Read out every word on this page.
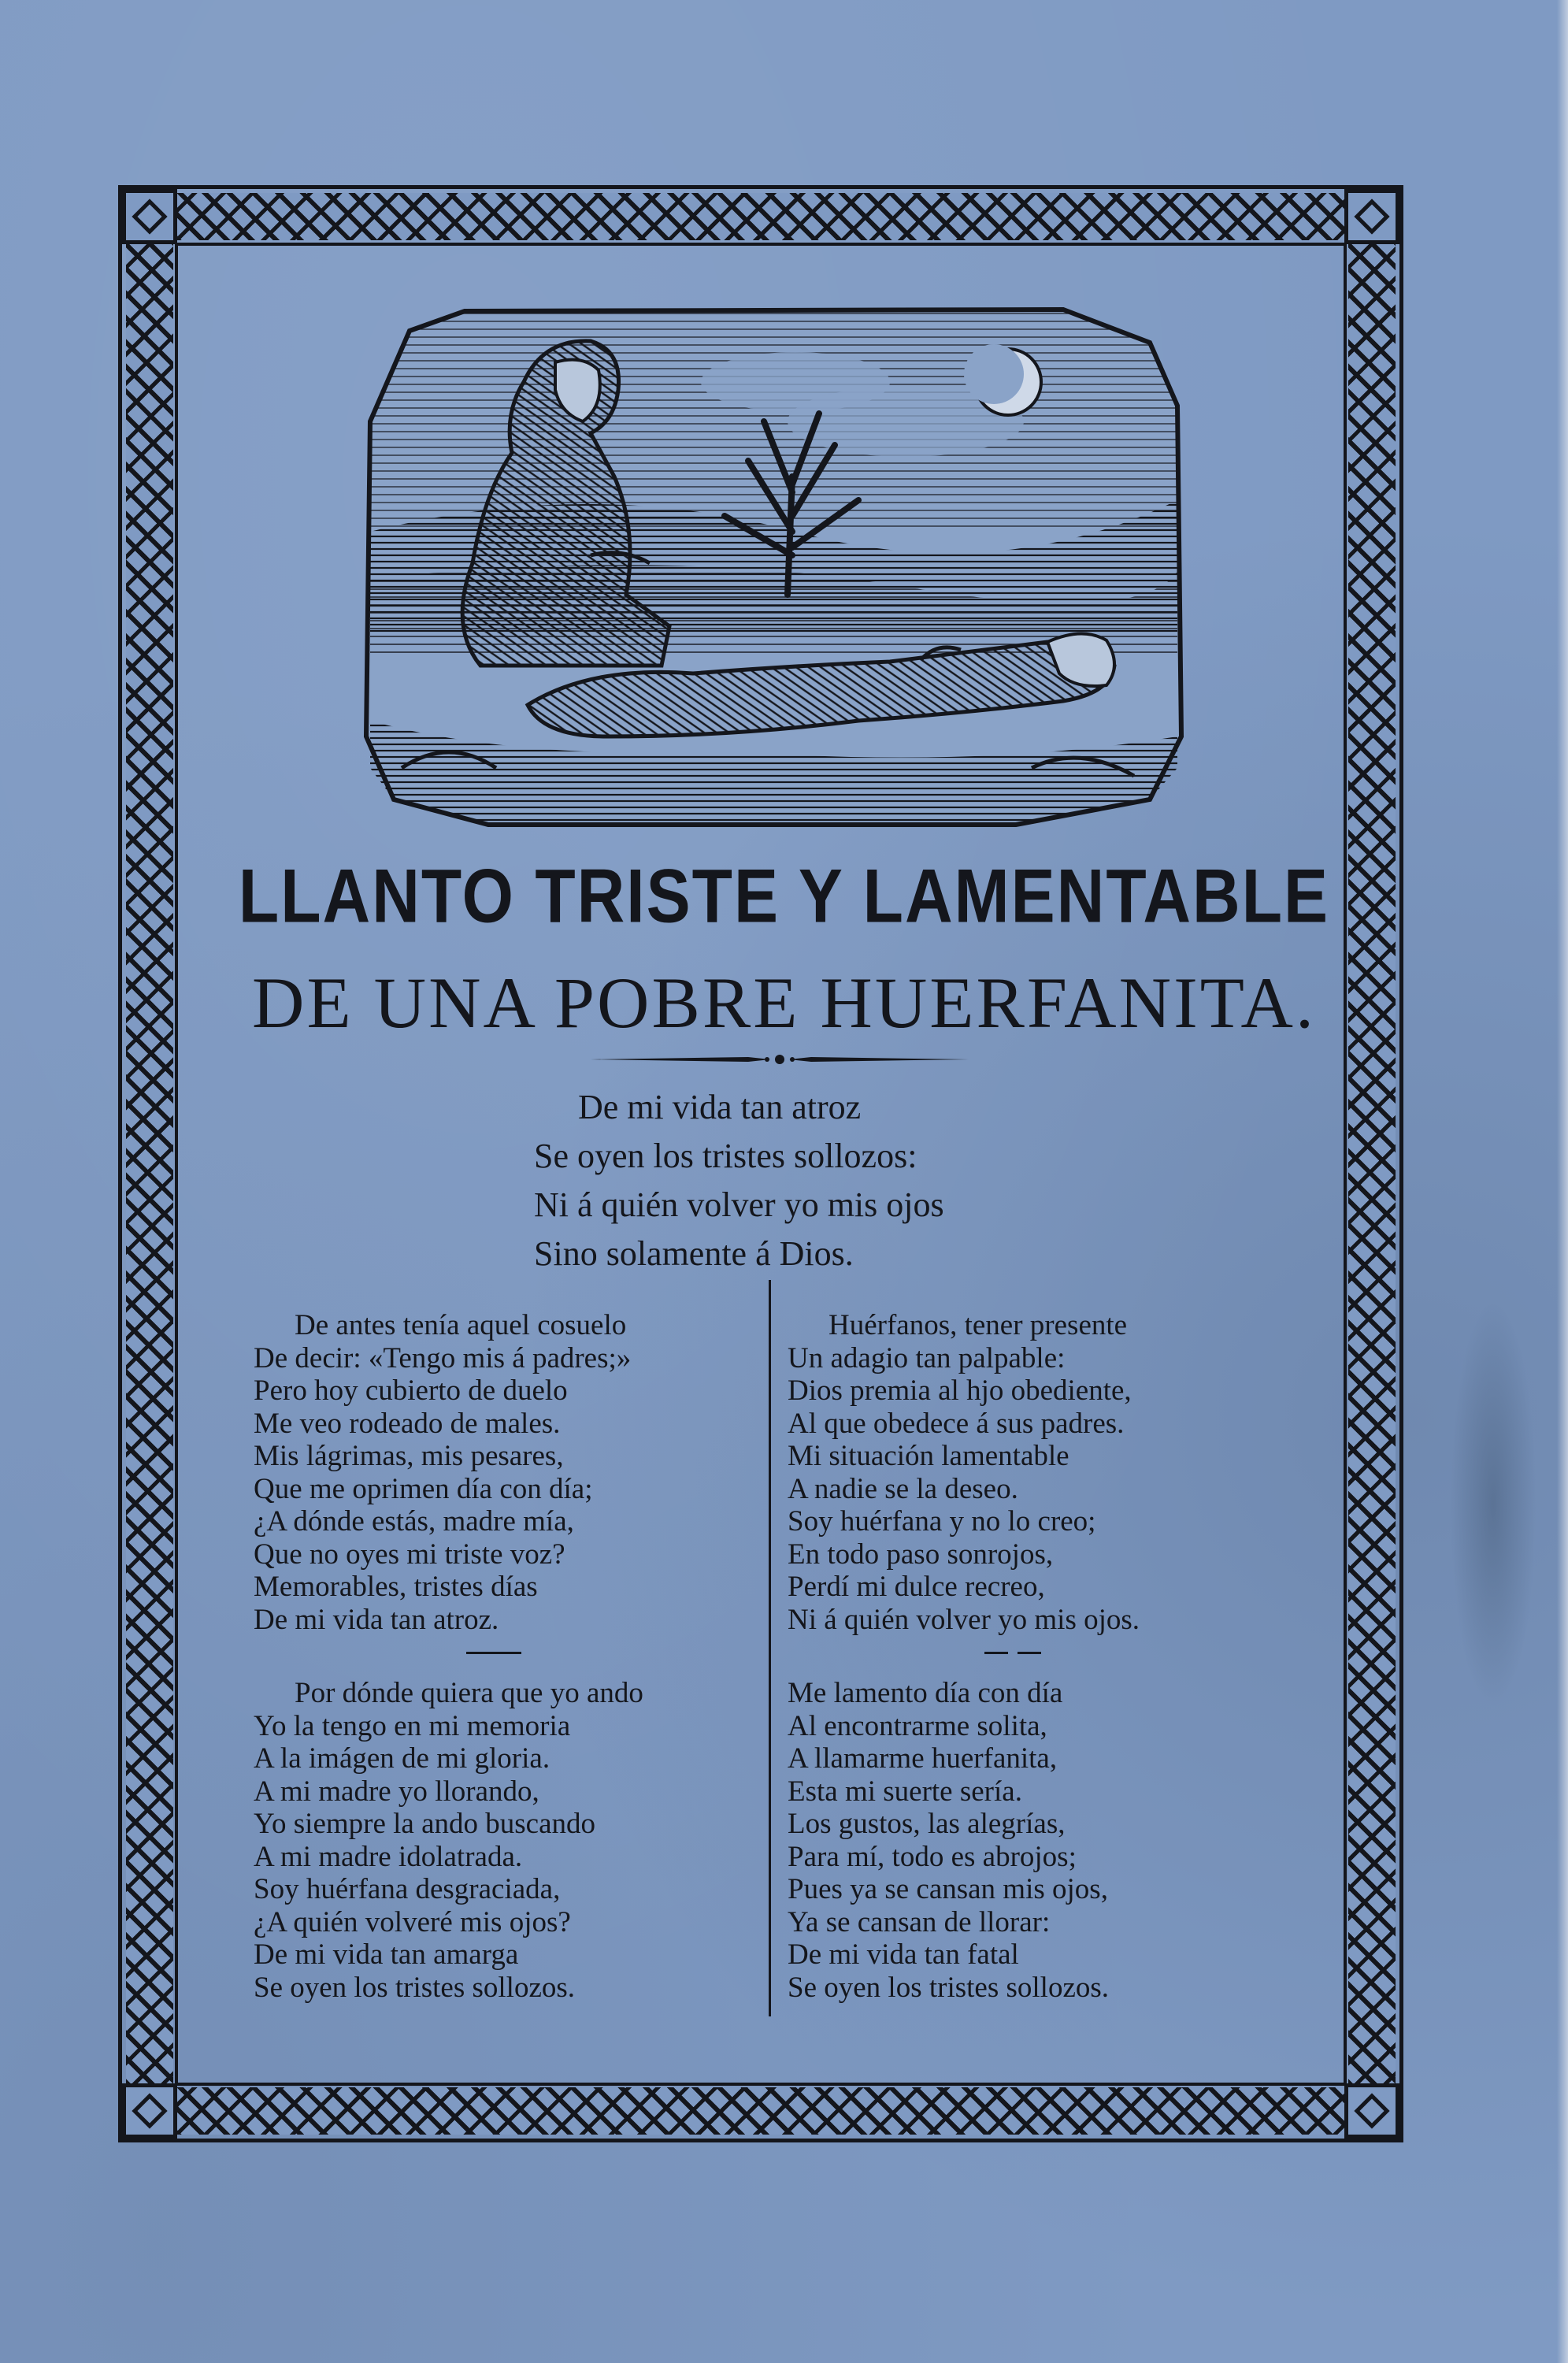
LLANTO TRISTE Y LAMENTABLE
DE UNA POBRE HUERFANITA.
De mi vida tan atroz
Se oyen los tristes sollozos:
Ni á quién volver yo mis ojos
Sino solamente á Dios.
De antes tenía aquel cosuelo
De decir: «Tengo mis á padres;»
Pero hoy cubierto de duelo
Me veo rodeado de males.
Mis lágrimas, mis pesares,
Que me oprimen día con día;
¿A dónde estás, madre mía,
Que no oyes mi triste voz?
Memorables, tristes días
De mi vida tan atroz.
Por dónde quiera que yo ando
Yo la tengo en mi memoria
A la imágen de mi gloria.
A mi madre yo llorando,
Yo siempre la ando buscando
A mi madre idolatrada.
Soy huérfana desgraciada,
¿A quién volveré mis ojos?
De mi vida tan amarga
Se oyen los tristes sollozos.
Huérfanos, tener presente
Un adagio tan palpable:
Dios premia al hjo obediente,
Al que obedece á sus padres.
Mi situación lamentable
A nadie se la deseo.
Soy huérfana y no lo creo;
En todo paso sonrojos,
Perdí mi dulce recreo,
Ni á quién volver yo mis ojos.
Me lamento día con día
Al encontrarme solita,
A llamarme huerfanita,
Esta mi suerte sería.
Los gustos, las alegrías,
Para mí, todo es abrojos;
Pues ya se cansan mis ojos,
Ya se cansan de llorar:
De mi vida tan fatal
Se oyen los tristes sollozos.
